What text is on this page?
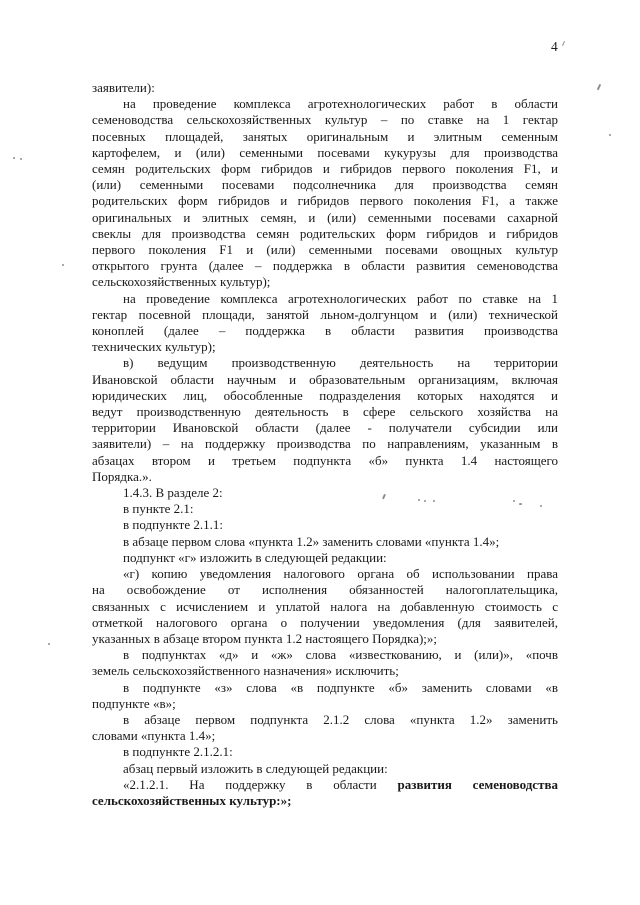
4
заявители):
на проведение комплекса агротехнологических работ в области
семеноводства сельскохозяйственных культур – по ставке на 1 гектар
посевных площадей, занятых оригинальным и элитным семенным
картофелем, и (или) семенными посевами кукурузы для производства
семян родительских форм гибридов и гибридов первого поколения F1, и
(или) семенными посевами подсолнечника для производства семян
родительских форм гибридов и гибридов первого поколения F1, а также
оригинальных и элитных семян, и (или) семенными посевами сахарной
свеклы для производства семян родительских форм гибридов и гибридов
первого поколения F1 и (или) семенными посевами овощных культур
открытого грунта (далее – поддержка в области развития семеноводства
сельскохозяйственных культур);
на проведение комплекса агротехнологических работ по ставке на 1
гектар посевной площади, занятой льном-долгунцом и (или) технической
коноплей (далее – поддержка в области развития производства
технических культур);
в) ведущим производственную деятельность на территории
Ивановской области научным и образовательным организациям, включая
юридических лиц, обособленные подразделения которых находятся и
ведут производственную деятельность в сфере сельского хозяйства на
территории Ивановской области (далее - получатели субсидии или
заявители) – на поддержку производства по направлениям, указанным в
абзацах втором и третьем подпункта «б» пункта 1.4 настоящего
Порядка.».
1.4.3. В разделе 2:
в пункте 2.1:
в подпункте 2.1.1:
в абзаце первом слова «пункта 1.2» заменить словами «пункта 1.4»;
подпункт «г» изложить в следующей редакции:
«г) копию уведомления налогового органа об использовании права
на освобождение от исполнения обязанностей налогоплательщика,
связанных с исчислением и уплатой налога на добавленную стоимость с
отметкой налогового органа о получении уведомления (для заявителей,
указанных в абзаце втором пункта 1.2 настоящего Порядка);»;
в подпунктах «д» и «ж» слова «известкованию, и (или)», «почв
земель сельскохозяйственного назначения» исключить;
в подпункте «з» слова «в подпункте «б» заменить словами «в
подпункте «в»;
в абзаце первом подпункта 2.1.2 слова «пункта 1.2» заменить
словами «пункта 1.4»;
в подпункте 2.1.2.1:
абзац первый изложить в следующей редакции:
«2.1.2.1. На поддержку в области развития семеноводства
сельскохозяйственных культур:»;
